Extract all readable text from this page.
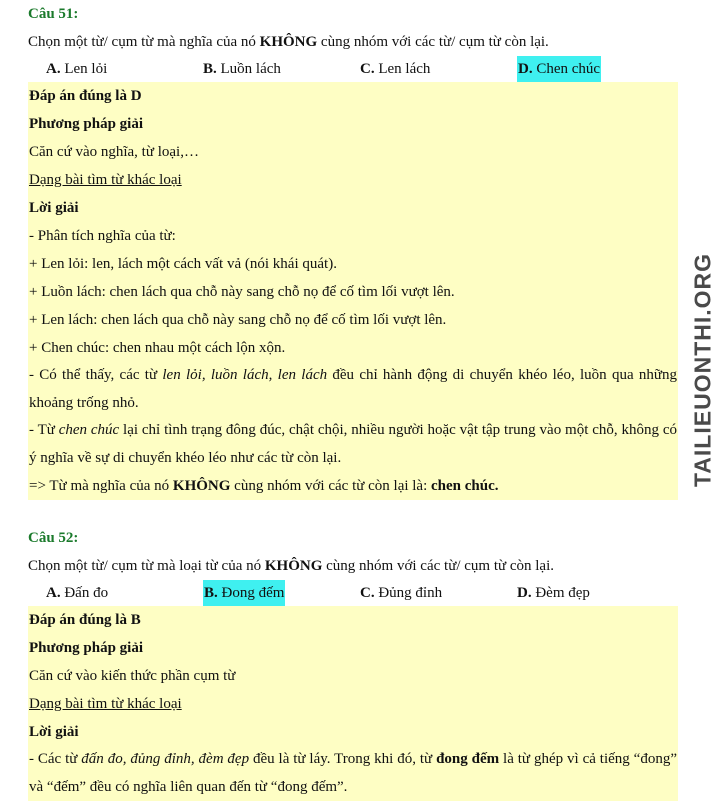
Câu 51:
Chọn một từ/ cụm từ mà nghĩa của nó KHÔNG cùng nhóm với các từ/ cụm từ còn lại.
A. Len lỏi	B. Luồn lách	C. Len lách	D. Chen chúc
Đáp án đúng là D
Phương pháp giải
Căn cứ vào nghĩa, từ loại,…
Dạng bài tìm từ khác loại
Lời giải
- Phân tích nghĩa của từ:
+ Len lỏi: len, lách một cách vất vả (nói khái quát).
+ Luồn lách: chen lách qua chỗ này sang chỗ nọ để cố tìm lối vượt lên.
+ Len lách: chen lách qua chỗ này sang chỗ nọ để cố tìm lối vượt lên.
+ Chen chúc: chen nhau một cách lộn xộn.
- Có thể thấy, các từ len lỏi, luồn lách, len lách đều chỉ hành động di chuyển khéo léo, luồn qua những khoảng trống nhỏ.
- Từ chen chúc lại chỉ tình trạng đông đúc, chật chội, nhiều người hoặc vật tập trung vào một chỗ, không có ý nghĩa về sự di chuyển khéo léo như các từ còn lại.
=> Từ mà nghĩa của nó KHÔNG cùng nhóm với các từ còn lại là: chen chúc.
Câu 52:
Chọn một từ/ cụm từ mà loại từ của nó KHÔNG cùng nhóm với các từ/ cụm từ còn lại.
A. Đấn đo	B. Đong đếm	C. Đủng đỉnh	D. Đèm đẹp
Đáp án đúng là B
Phương pháp giải
Căn cứ vào kiến thức phần cụm từ
Dạng bài tìm từ khác loại
Lời giải
- Các từ đấn đo, đủng đỉnh, đèm đẹp đều là từ láy. Trong khi đó, từ đong đếm là từ ghép vì cả tiếng “đong” và “đếm” đều có nghĩa liên quan đến từ “đong đếm”.
TAILIEUONTHI.ORG
